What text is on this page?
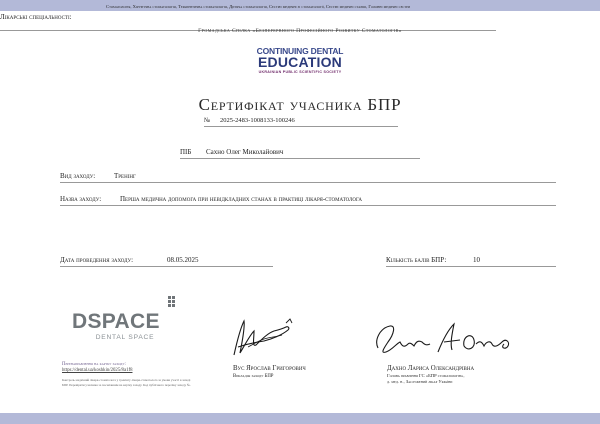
Громадська Спілка «Безперервного Професійного Розвитку Стоматологів»
CONTINUING DENTAL
EDUCATION
UKRAINIAN PUBLIC SCIENTIFIC SOCIETY
Сертифікат учасника БПР
№ 2025-2483-1008133-100246
ПІБ Сахно Олег Миколайович
Вид заходу:	Тренінг
Назва заходу:	Перша медична допомога при невідкладних станах в практиці лікаря-стоматолога
Лікарські спеціальності:
Стоматологія, Хірургічна стоматологія, Терапевтична стоматологія, Дитяча стоматологія, Сестри медичні зі стоматології, Сестри медичні старші, Головні медичні сестри
Дата проведення заходу:	08.05.2025	Кількість балів БПР:	10
DSPACE
DENTAL SPACE
Перенаправлення на картку заходу:
https://dental.ua/koshkin/2025/8a1f8
Контроль медичний лікаря-стоматолога у тренінгу лікаря-стоматолога за умови участі в заході БПР. Перевірити учасника за посиланням на картку заходу. Код публічного переліку заходу №.
Вус Ярослав Григорович
Викладач заходу БПР
Дахно Лариса Олександрівна
Голова правління ГС «БПР стоматологів»,
д. мед. н., Заслужений лікар України
